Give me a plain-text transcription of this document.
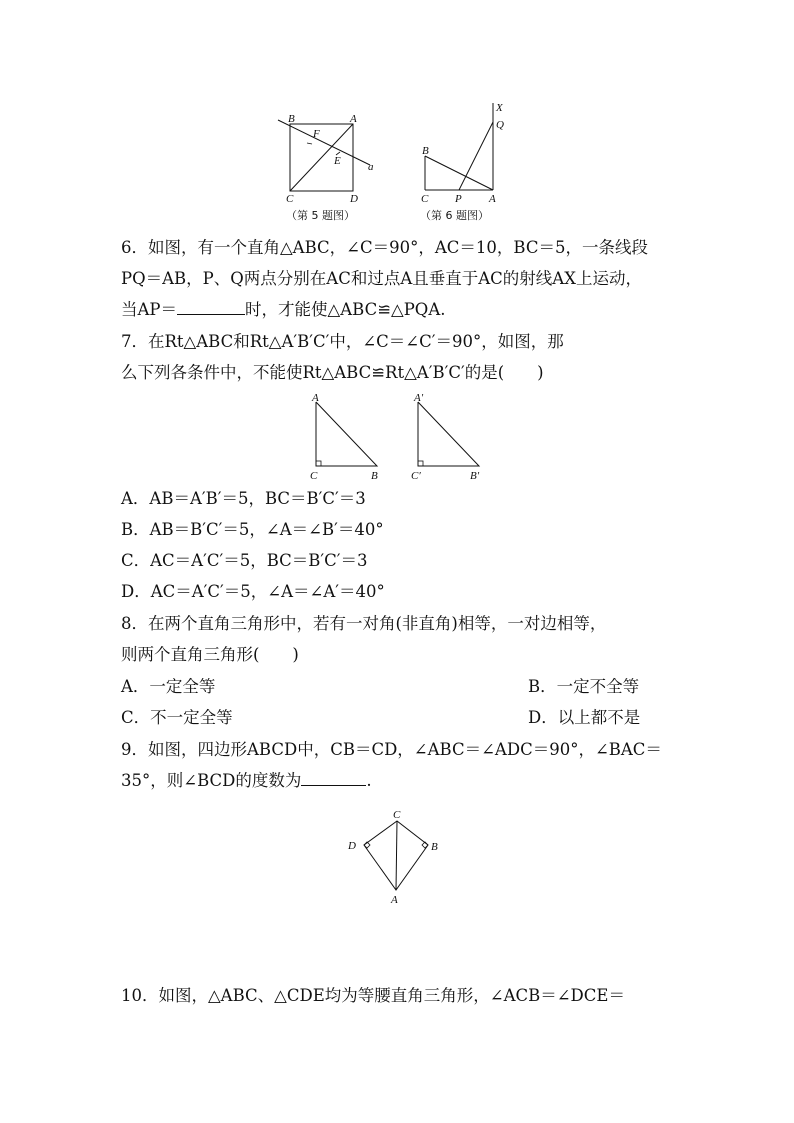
B	A
F
E a
C	D
（第 5 题图）
X
Q
B
C P A
（第 6 题图）
6．如图，有一个直角△ABC，∠C＝90°，AC＝10，BC＝5，一条线段
PQ＝AB，P、Q两点分别在AC和过点A且垂直于AC的射线AX上运动，
当AP＝	时，才能使△ABC≌△PQA.
7．在Rt△ABC和Rt△A′B′C′中，∠C＝∠C′＝90°，如图，那
么下列各条件中，不能使Rt△ABC≌Rt△A′B′C′的是(　　)
A
C	B
A′
C′	B′
A．AB＝A′B′＝5，BC＝B′C′＝3
B．AB＝B′C′＝5，∠A＝∠B′＝40°
C．AC＝A′C′＝5，BC＝B′C′＝3
D．AC＝A′C′＝5，∠A＝∠A′＝40°
8．在两个直角三角形中，若有一对角(非直角)相等，一对边相等，
则两个直角三角形(　　)
A．一定全等	B．一定不全等
C．不一定全等	D．以上都不是
9．如图，四边形ABCD中，CB＝CD，∠ABC＝∠ADC＝90°，∠BAC＝
35°，则∠BCD的度数为	.
C
D	B
A
10．如图，△ABC、△CDE均为等腰直角三角形，∠ACB＝∠DCE＝
